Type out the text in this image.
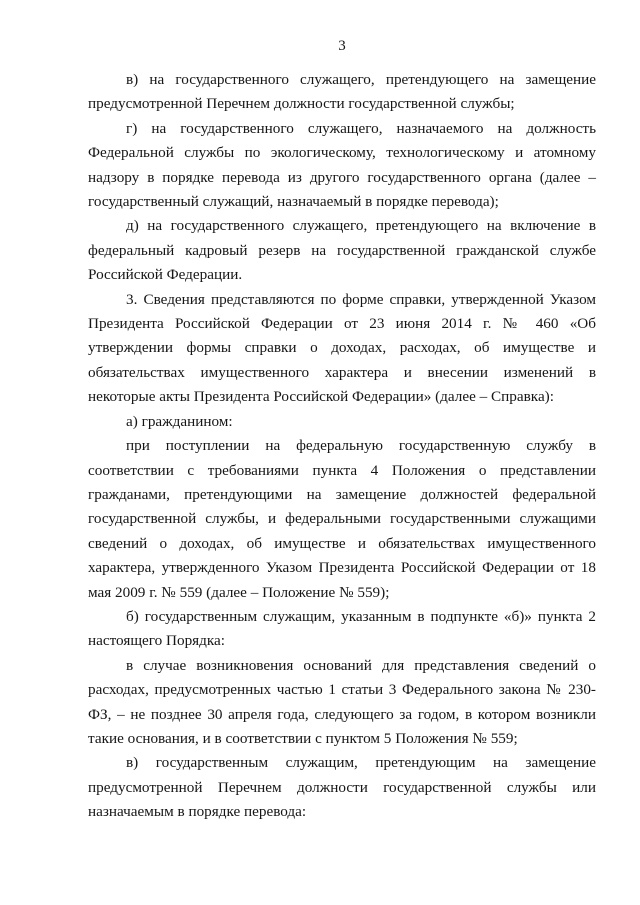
3

в) на государственного служащего, претендующего на замещение предусмотренной Перечнем должности государственной службы;

г) на государственного служащего, назначаемого на должность Федеральной службы по экологическому, технологическому и атомному надзору в порядке перевода из другого государственного органа (далее – государственный служащий, назначаемый в порядке перевода);

д) на государственного служащего, претендующего на включение в федеральный кадровый резерв на государственной гражданской службе Российской Федерации.

3. Сведения представляются по форме справки, утвержденной Указом Президента Российской Федерации от 23 июня 2014 г. № 460 «Об утверждении формы справки о доходах, расходах, об имуществе и обязательствах имущественного характера и внесении изменений в некоторые акты Президента Российской Федерации» (далее – Справка):

а) гражданином:

при поступлении на федеральную государственную службу в соответствии с требованиями пункта 4 Положения о представлении гражданами, претендующими на замещение должностей федеральной государственной службы, и федеральными государственными служащими сведений о доходах, об имуществе и обязательствах имущественного характера, утвержденного Указом Президента Российской Федерации от 18 мая 2009 г. № 559 (далее – Положение № 559);

б) государственным служащим, указанным в подпункте «б)» пункта 2 настоящего Порядка:

в случае возникновения оснований для представления сведений о расходах, предусмотренных частью 1 статьи 3 Федерального закона № 230-ФЗ, – не позднее 30 апреля года, следующего за годом, в котором возникли такие основания, и в соответствии с пунктом 5 Положения № 559;

в) государственным служащим, претендующим на замещение предусмотренной Перечнем должности государственной службы или назначаемым в порядке перевода:
